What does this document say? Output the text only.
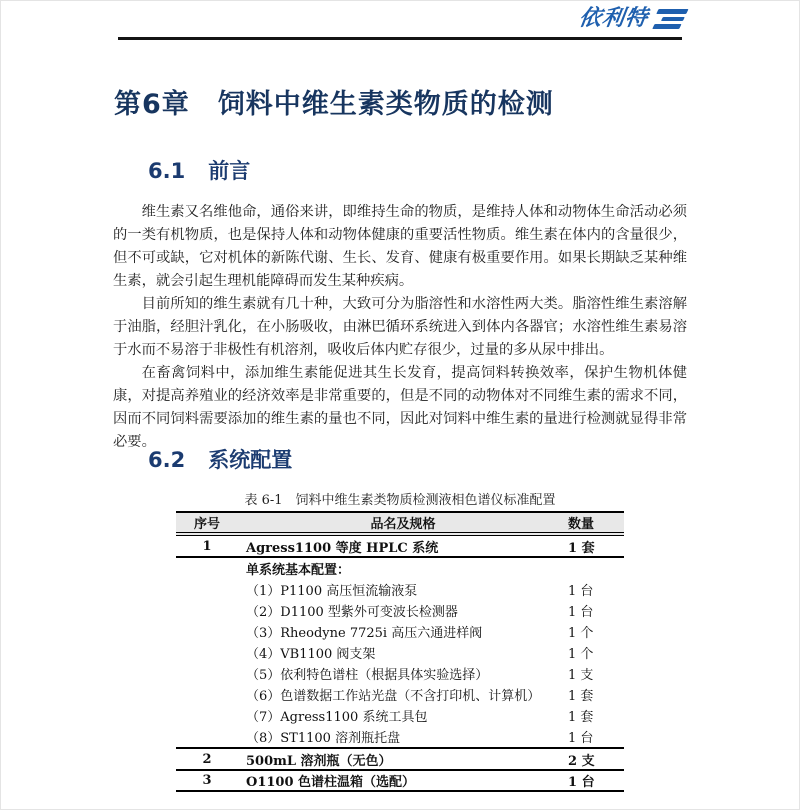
依利特
第6章　饲料中维生素类物质的检测
6.1 前言

维生素又名维他命，通俗来讲，即维持生命的物质，是维持人体和动物体生命活动必须的一类有机物质，也是保持人体和动物体健康的重要活性物质。维生素在体内的含量很少，但不可或缺，它对机体的新陈代谢、生长、发育、健康有极重要作用。如果长期缺乏某种维生素，就会引起生理机能障碍而发生某种疾病。

目前所知的维生素就有几十种，大致可分为脂溶性和水溶性两大类。脂溶性维生素溶解于油脂，经胆汁乳化，在小肠吸收，由淋巴循环系统进入到体内各器官；水溶性维生素易溶于水而不易溶于非极性有机溶剂，吸收后体内贮存很少，过量的多从尿中排出。

在畜禽饲料中，添加维生素能促进其生长发育，提高饲料转换效率，保护生物机体健康，对提高养殖业的经济效率是非常重要的，但是不同的动物体对不同维生素的需求不同，因而不同饲料需要添加的维生素的量也不同，因此对饲料中维生素的量进行检测就显得非常必要。

6.2 系统配置
表 6-1　饲料中维生素类物质检测液相色谱仪标准配置
序号	品名及规格	数量
1	Agress1100 等度 HPLC 系统	1 套
单系统基本配置：
（1）P1100 高压恒流输液泵	1 台
（2）D1100 型紫外可变波长检测器	1 台
（3）Rheodyne 7725i 高压六通进样阀	1 个
（4）VB1100 阀支架	1 个
（5）依利特色谱柱（根据具体实验选择）	1 支
（6）色谱数据工作站光盘（不含打印机、计算机）	1 套
（7）Agress1100 系统工具包	1 套
（8）ST1100 溶剂瓶托盘	1 台
2	500mL 溶剂瓶（无色）	2 支
3	O1100 色谱柱温箱（选配）	1 台
